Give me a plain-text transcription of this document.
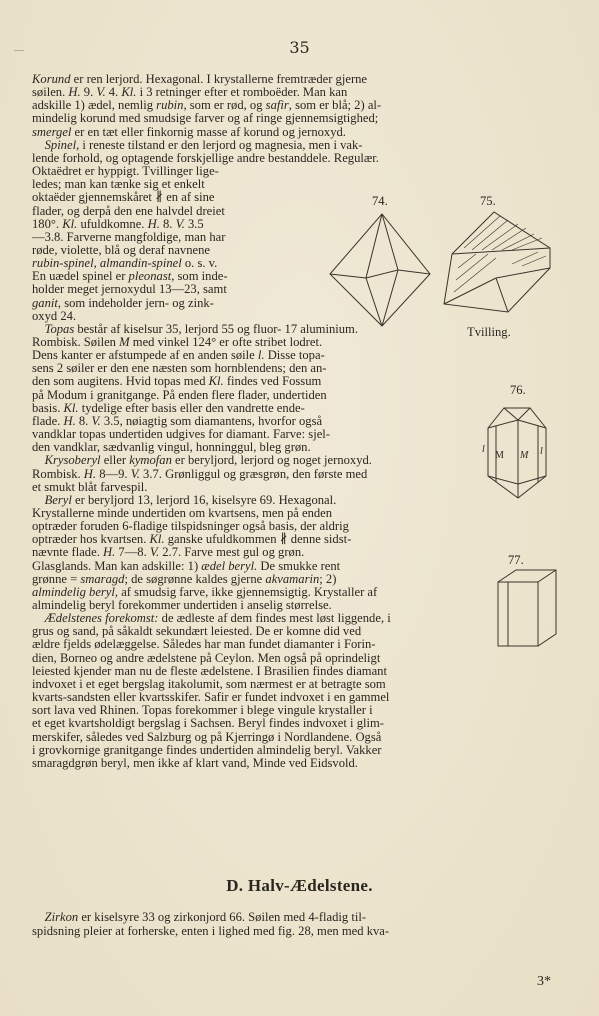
35
Korund er ren lerjord. Hexagonal. I krystallerne fremtræder gjerne
søilen. H. 9. V. 4. Kl. i 3 retninger efter et romboëder. Man kan
adskille 1) ædel, nemlig rubin, som er rød, og safir, som er blå; 2) al-
mindelig korund med smudsige farver og af ringe gjennemsigtighed;
smergel er en tæt eller finkornig masse af korund og jernoxyd.
Spinel, i reneste tilstand er den lerjord og magnesia, men i vak-
lende forhold, og optagende forskjellige andre bestanddele. Regulær.
Oktaëdret er hyppigt. Tvillinger lige-
ledes; man kan tænke sig et enkelt
oktaëder gjennemskåret ∦ en af sine
flader, og derpå den ene halvdel dreiet
180°. Kl. ufuldkomne. H. 8. V. 3.5
—3.8. Farverne mangfoldige, man har
røde, violette, blå og deraf navnene
rubin-spinel, almandin-spinel o. s. v.
En uædel spinel er pleonast, som inde-
holder meget jernoxydul 13—23, samt
ganit, som indeholder jern- og zink-
oxyd 24.
Topas består af kiselsur 35, lerjord 55 og fluor- 17 aluminium.
Rombisk. Søilen M med vinkel 124° er ofte stribet lodret.
Dens kanter er afstumpede af en anden søile l. Disse topa-
sens 2 søiler er den ene næsten som hornblendens; den an-
den som augitens. Hvid topas med Kl. findes ved Fossum
på Modum i granitgange. På enden flere flader, undertiden
basis. Kl. tydelige efter basis eller den vandrette ende-
flade. H. 8. V. 3.5, nøiagtig som diamantens, hvorfor også
vandklar topas undertiden udgives for diamant. Farve: sjel-
den vandklar, sædvanlig vingul, honninggul, bleg grøn.
Krysoberyl eller kymofan er beryljord, lerjord og noget jernoxyd.
Rombisk. H. 8—9. V. 3.7. Grønliggul og græsgrøn, den første med
et smukt blåt farvespil.
Beryl er beryljord 13, lerjord 16, kiselsyre 69. Hexagonal.
Krystallerne minde undertiden om kvartsens, men på enden
optræder foruden 6-fladige tilspidsninger også basis, der aldrig
optræder hos kvartsen. Kl. ganske ufuldkommen ∦ denne sidst-
nævnte flade. H. 7—8. V. 2.7. Farve mest gul og grøn.
Glasglands. Man kan adskille: 1) ædel beryl. De smukke rent
grønne = smaragd; de søgrønne kaldes gjerne akvamarin; 2)
almindelig beryl, af smudsig farve, ikke gjennemsigtig. Krystaller af
almindelig beryl forekommer undertiden i anselig størrelse.
Ædelstenes forekomst: de ædleste af dem findes mest løst liggende, i
grus og sand, på såkaldt sekundært leiested. De er komne did ved
ældre fjelds ødelæggelse. Således har man fundet diamanter i Forin-
dien, Borneo og andre ædelstene på Ceylon. Men også på oprindeligt
leiested kjender man nu de fleste ædelstene. I Brasilien findes diamant
indvoxet i et eget bergslag itakolumit, som nærmest er at betragte som
kvarts-sandsten eller kvartsskifer. Safir er fundet indvoxet i en gammel
sort lava ved Rhinen. Topas forekommer i blege vingule krystaller i
et eget kvartsholdigt bergslag i Sachsen. Beryl findes indvoxet i glim-
merskifer, således ved Salzburg og på Kjerringø i Nordlandene. Også
i grovkornige granitgange findes undertiden almindelig beryl. Vakker
smaragdgrøn beryl, men ikke af klart vand, Minde ved Eidsvold.
74.	75.
Tvilling.
76.
l
M M l
77.
D. Halv-Ædelstene.
Zirkon er kiselsyre 33 og zirkonjord 66. Søilen med 4-fladig til-
spidsning pleier at forherske, enten i lighed med fig. 28, men med kva-
3*
